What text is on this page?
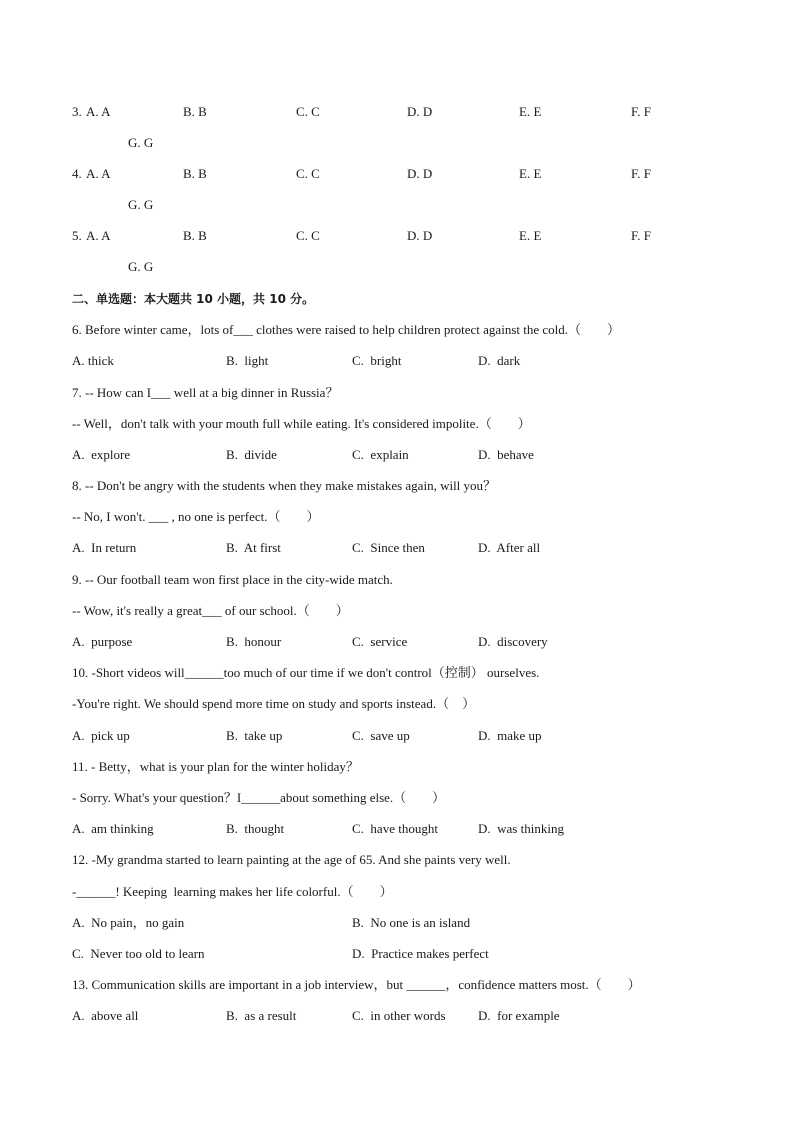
3. A. A	B. B	C. C	D. D	E. E	F. F
G. G
4. A. A	B. B	C. C	D. D	E. E	F. F
G. G
5. A. A	B. B	C. C	D. D	E. E	F. F
G. G
二、单选题：本大题共 10 小题，共 10 分。
6. Before winter came，lots of___ clothes were raised to help children protect against the cold.（　　）
A. thick	B.  light	C.  bright	D.  dark
7. -- How can I___ well at a big dinner in Russia？
-- Well，don't talk with your mouth full while eating. It's considered impolite.（　　）
A.  explore	B.  divide	C.  explain	D.  behave
8. -- Don't be angry with the students when they make mistakes again, will you？
-- No, I won't. ___ , no one is perfect.（　　）
A.  In return	B.  At first	C.  Since then	D.  After all
9. -- Our football team won first place in the city-wide match.
-- Wow, it's really a great___ of our school.（　　）
A.  purpose	B.  honour	C.  service	D.  discovery
10. -Short videos will______too much of our time if we don't control（控制） ourselves.
-You're right. We should spend more time on study and sports instead.（　）
A.  pick up	B.  take up	C.  save up	D.  make up
11. - Betty，what is your plan for the winter holiday？
- Sorry. What's your question？I______about something else.（　　）
A.  am thinking	B.  thought	C.  have thought	D.  was thinking
12. -My grandma started to learn painting at the age of 65. And she paints very well.
-______! Keeping  learning makes her life colorful.（　　）
A.  No pain，no gain	B.  No one is an island
C.  Never too old to learn	D.  Practice makes perfect
13. Communication skills are important in a job interview，but ______，confidence matters most.（　　）
A.  above all	B.  as a result	C.  in other words D.  for example
